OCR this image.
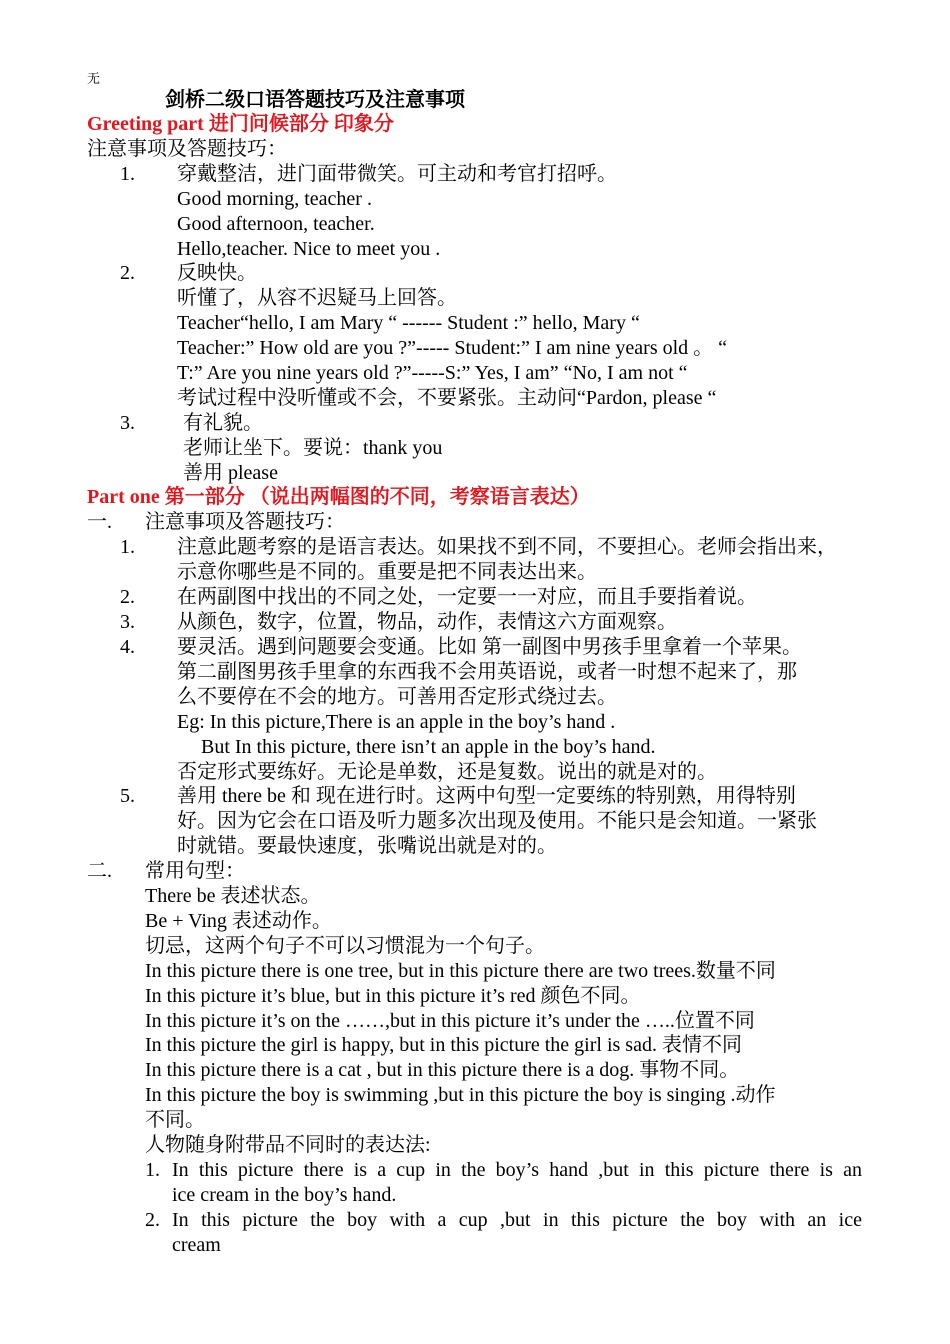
无
剑桥二级口语答题技巧及注意事项
Greeting part 进门问候部分 印象分
注意事项及答题技巧：
1. 穿戴整洁，进门面带微笑。可主动和考官打招呼。
Good morning, teacher .
Good afternoon, teacher.
Hello,teacher. Nice to meet you .
2. 反映快。
听懂了，从容不迟疑马上回答。
Teacher“hello, I am Mary “ ------ Student :” hello, Mary “
Teacher:” How old are you ?”----- Student:” I am nine years old 。 “
T:” Are you nine years old ?”-----S:” Yes, I am” “No, I am not “
考试过程中没听懂或不会，不要紧张。主动问“Pardon, please “
3. 有礼貌。
老师让坐下。要说：thank you
善用 please
Part one 第一部分 （说出两幅图的不同，考察语言表达）
一. 注意事项及答题技巧：
1. 注意此题考察的是语言表达。如果找不到不同，不要担心。老师会指出来，
示意你哪些是不同的。重要是把不同表达出来。
2. 在两副图中找出的不同之处，一定要一一对应，而且手要指着说。
3. 从颜色，数字，位置，物品，动作，表情这六方面观察。
4. 要灵活。遇到问题要会变通。比如 第一副图中男孩手里拿着一个苹果。
第二副图男孩手里拿的东西我不会用英语说，或者一时想不起来了，那
么不要停在不会的地方。可善用否定形式绕过去。
Eg: In this picture,There is an apple in the boy’s hand .
But In this picture, there isn’t an apple in the boy’s hand.
否定形式要练好。无论是单数，还是复数。说出的就是对的。
5. 善用 there be 和 现在进行时。这两中句型一定要练的特别熟，用得特别
好。因为它会在口语及听力题多次出现及使用。不能只是会知道。一紧张
时就错。要最快速度，张嘴说出就是对的。
二. 常用句型：
There be 表述状态。
Be + Ving 表述动作。
切忌，这两个句子不可以习惯混为一个句子。
In this picture there is one tree, but in this picture there are two trees.数量不同
In this picture it’s blue, but in this picture it’s red 颜色不同。
In this picture it’s on the ……,but in this picture it’s under the …..位置不同
In this picture the girl is happy, but in this picture the girl is sad. 表情不同
In this picture there is a cat , but in this picture there is a dog. 事物不同。
In this picture the boy is swimming ,but in this picture the boy is singing .动作
不同。
人物随身附带品不同时的表达法:
1. In this picture there is a cup in the boy’s hand ,but in this picture there is an
ice cream in the boy’s hand.
2. In this picture the boy with a cup ,but in this picture the boy with an ice
cream
